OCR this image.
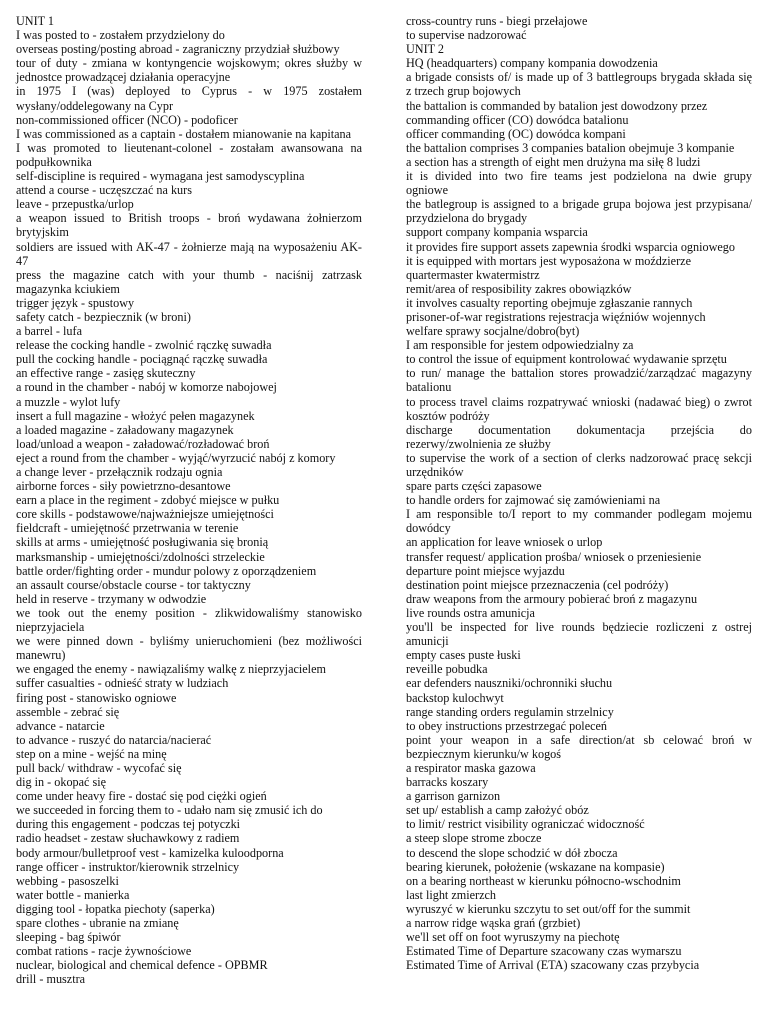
UNIT 1

I was posted to - zostałem przydzielony do

overseas posting/posting abroad - zagraniczny przydział służbowy

tour of duty - zmiana w kontyngencie wojskowym; okres służby w jednostce prowadzącej działania operacyjne

in 1975 I (was) deployed to Cyprus - w 1975 zostałem wysłany/oddelegowany na Cypr

non-commissioned officer (NCO) - podoficer

I was commissioned as a captain - dostałem mianowanie na kapitana

I was promoted to lieutenant-colonel - zostałam awansowana na podpułkownika

self-discipline is required - wymagana jest samodyscyplina

attend a course - uczęszczać na kurs

leave - przepustka/urlop

a weapon issued to British troops - broń wydawana żołnierzom brytyjskim

soldiers are issued with AK-47 - żołnierze mają na wyposażeniu AK-47

press the magazine catch with your thumb - naciśnij zatrzask magazynka kciukiem

trigger język - spustowy

safety catch - bezpiecznik (w broni)

a barrel - lufa

release the cocking handle - zwolnić rączkę suwadła

pull the cocking handle - pociągnąć rączkę suwadła

an effective range - zasięg skuteczny

a round in the chamber - nabój w komorze nabojowej

a muzzle - wylot lufy

insert a full magazine - włożyć pełen magazynek

a loaded magazine - załadowany magazynek

load/unload a weapon - załadować/rozładować broń

eject a round from the chamber - wyjąć/wyrzucić nabój z komory

a change lever - przełącznik rodzaju ognia

airborne forces - siły powietrzno-desantowe

earn a place in the regiment - zdobyć miejsce w pułku

core skills - podstawowe/najważniejsze umiejętności

fieldcraft - umiejętność przetrwania w terenie

skills at arms - umiejętność posługiwania się bronią

marksmanship - umiejętności/zdolności strzeleckie

battle order/fighting order - mundur polowy z oporządzeniem

an assault course/obstacle course - tor taktyczny

held in reserve - trzymany w odwodzie

we took out the enemy position - zlikwidowaliśmy stanowisko nieprzyjaciela

we were pinned down - byliśmy unieruchomieni (bez możliwości manewru)

we engaged the enemy - nawiązaliśmy walkę z nieprzyjacielem

suffer casualties - odnieść straty w ludziach

firing post - stanowisko ogniowe

assemble - zebrać się

advance - natarcie

to advance - ruszyć do natarcia/nacierać

step on a mine - wejść na minę

pull back/ withdraw - wycofać się

dig in - okopać się

come under heavy fire - dostać się pod ciężki ogień

we succeeded in forcing them to - udało nam się zmusić ich do

during this engagement - podczas tej potyczki

radio headset - zestaw słuchawkowy z radiem

body armour/bulletproof vest - kamizelka kuloodporna

range officer - instruktor/kierownik strzelnicy

webbing - pasoszelki

water bottle - manierka

digging tool - łopatka piechoty (saperka)

spare clothes - ubranie na zmianę

sleeping - bag śpiwór

combat rations - racje żywnościowe

nuclear, biological and chemical defence - OPBMR

drill - musztra

cross-country runs - biegi przełajowe

to supervise nadzorować

UNIT 2

HQ (headquarters) company kompania dowodzenia

a brigade consists of/ is made up of 3 battlegroups brygada składa się z trzech grup bojowych

the battalion is commanded by batalion jest dowodzony przez

commanding officer (CO) dowódca batalionu

officer commanding (OC) dowódca kompani

the battalion comprises 3 companies batalion obejmuje 3 kompanie

a section has a strength of eight men drużyna ma siłę 8 ludzi

it is divided into two fire teams jest podzielona na dwie grupy ogniowe

the batlegroup is assigned to a brigade grupa bojowa jest przypisana/ przydzielona do brygady

support company kompania wsparcia

it provides fire support assets zapewnia środki wsparcia ogniowego

it is equipped with mortars jest wyposażona w moździerze

quartermaster kwatermistrz

remit/area of resposibility zakres obowiązków

it involves casualty reporting obejmuje zgłaszanie rannych

prisoner-of-war registrations rejestracja więźniów wojennych

welfare sprawy socjalne/dobro(byt)

I am responsible for jestem odpowiedzialny za

to control the issue of equipment kontrolować wydawanie sprzętu

to run/ manage the battalion stores prowadzić/zarządzać magazyny batalionu

to process travel claims rozpatrywać wnioski (nadawać bieg) o zwrot kosztów podróży

discharge documentation dokumentacja przejścia do rezerwy/zwolnienia ze służby

to supervise the work of a section of clerks nadzorować pracę sekcji urzędników

spare parts części zapasowe

to handle orders for zajmować się zamówieniami na

I am responsible to/I report to my commander podlegam mojemu dowódcy

an application for leave wniosek o urlop

transfer request/ application prośba/ wniosek o przeniesienie

departure point miejsce wyjazdu

destination point miejsce przeznaczenia (cel podróży)

draw weapons from the armoury pobierać broń z magazynu

live rounds ostra amunicja

you'll be inspected for live rounds będziecie rozliczeni z ostrej amunicji

empty cases puste łuski

reveille pobudka

ear defenders nauszniki/ochronniki słuchu

backstop kulochwyt

range standing orders regulamin strzelnicy

to obey instructions przestrzegać poleceń

point your weapon in a safe direction/at sb celować broń w bezpiecznym kierunku/w kogoś

a respirator maska gazowa

barracks koszary

a garrison garnizon

set up/ establish a camp założyć obóz

to limit/ restrict visibility ograniczać widoczność

a steep slope strome zbocze

to descend the slope schodzić w dół zbocza

bearing kierunek, położenie (wskazane na kompasie)

on a bearing northeast w kierunku północno-wschodnim

last light zmierzch

wyruszyć w kierunku szczytu to set out/off for the summit

a narrow ridge wąska grań (grzbiet)

we'll set off on foot wyruszymy na piechotę

Estimated Time of Departure szacowany czas wymarszu

Estimated Time of Arrival (ETA) szacowany czas przybycia
